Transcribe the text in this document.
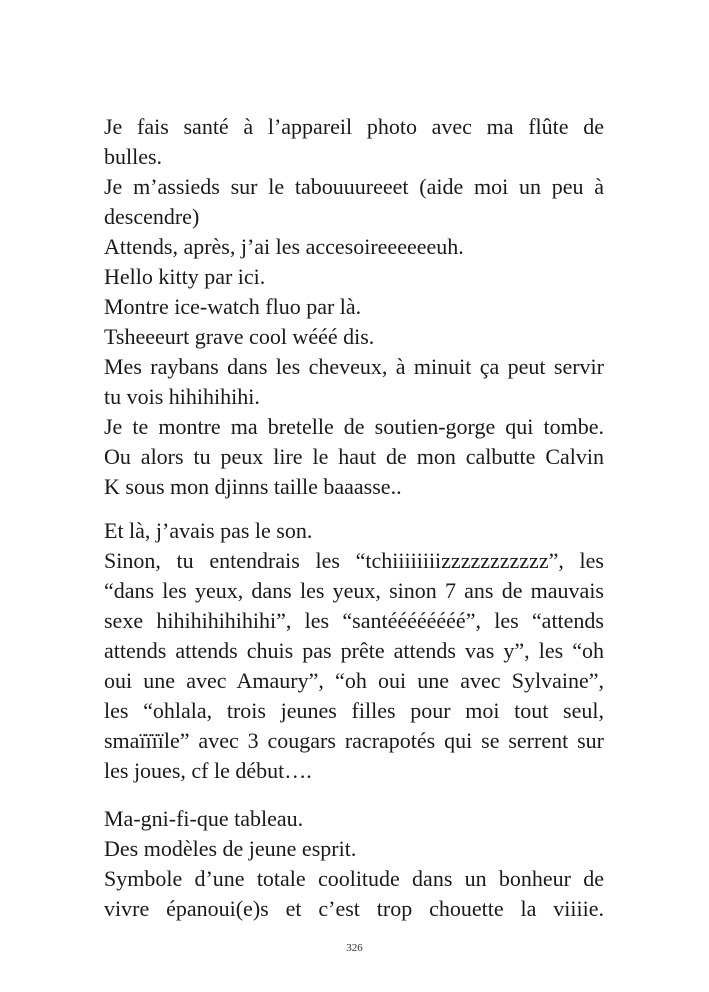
Je fais santé à l’appareil photo avec ma flûte de
bulles.
Je m’assieds sur le tabouuureeet (aide moi un peu à
descendre)
Attends, après, j’ai les accesoireeeeeeuh.
Hello kitty par ici.
Montre ice-watch fluo par là.
Tsheeeurt grave cool wééé dis.
Mes raybans dans les cheveux, à minuit ça peut servir
tu vois hihihihihi.
Je te montre ma bretelle de soutien-gorge qui tombe.
Ou alors tu peux lire le haut de mon calbutte Calvin
K sous mon djinns taille baaasse..
Et là, j’avais pas le son.
Sinon, tu entendrais les “tchiiiiiiiizzzzzzzzzzz”, les
“dans les yeux, dans les yeux, sinon 7 ans de mauvais
sexe hihihihihihihi”, les “santéééééééé”, les “attends
attends attends chuis pas prête attends vas y”, les “oh
oui une avec Amaury”, “oh oui une avec Sylvaine”,
les “ohlala, trois jeunes filles pour moi tout seul,
smaïïïïle” avec 3 cougars racrapotés qui se serrent sur
les joues, cf le début….
Ma-gni-fi-que tableau.
Des modèles de jeune esprit.
Symbole d’une totale coolitude dans un bonheur de
vivre épanoui(e)s et c’est trop chouette la viiiie.
326
